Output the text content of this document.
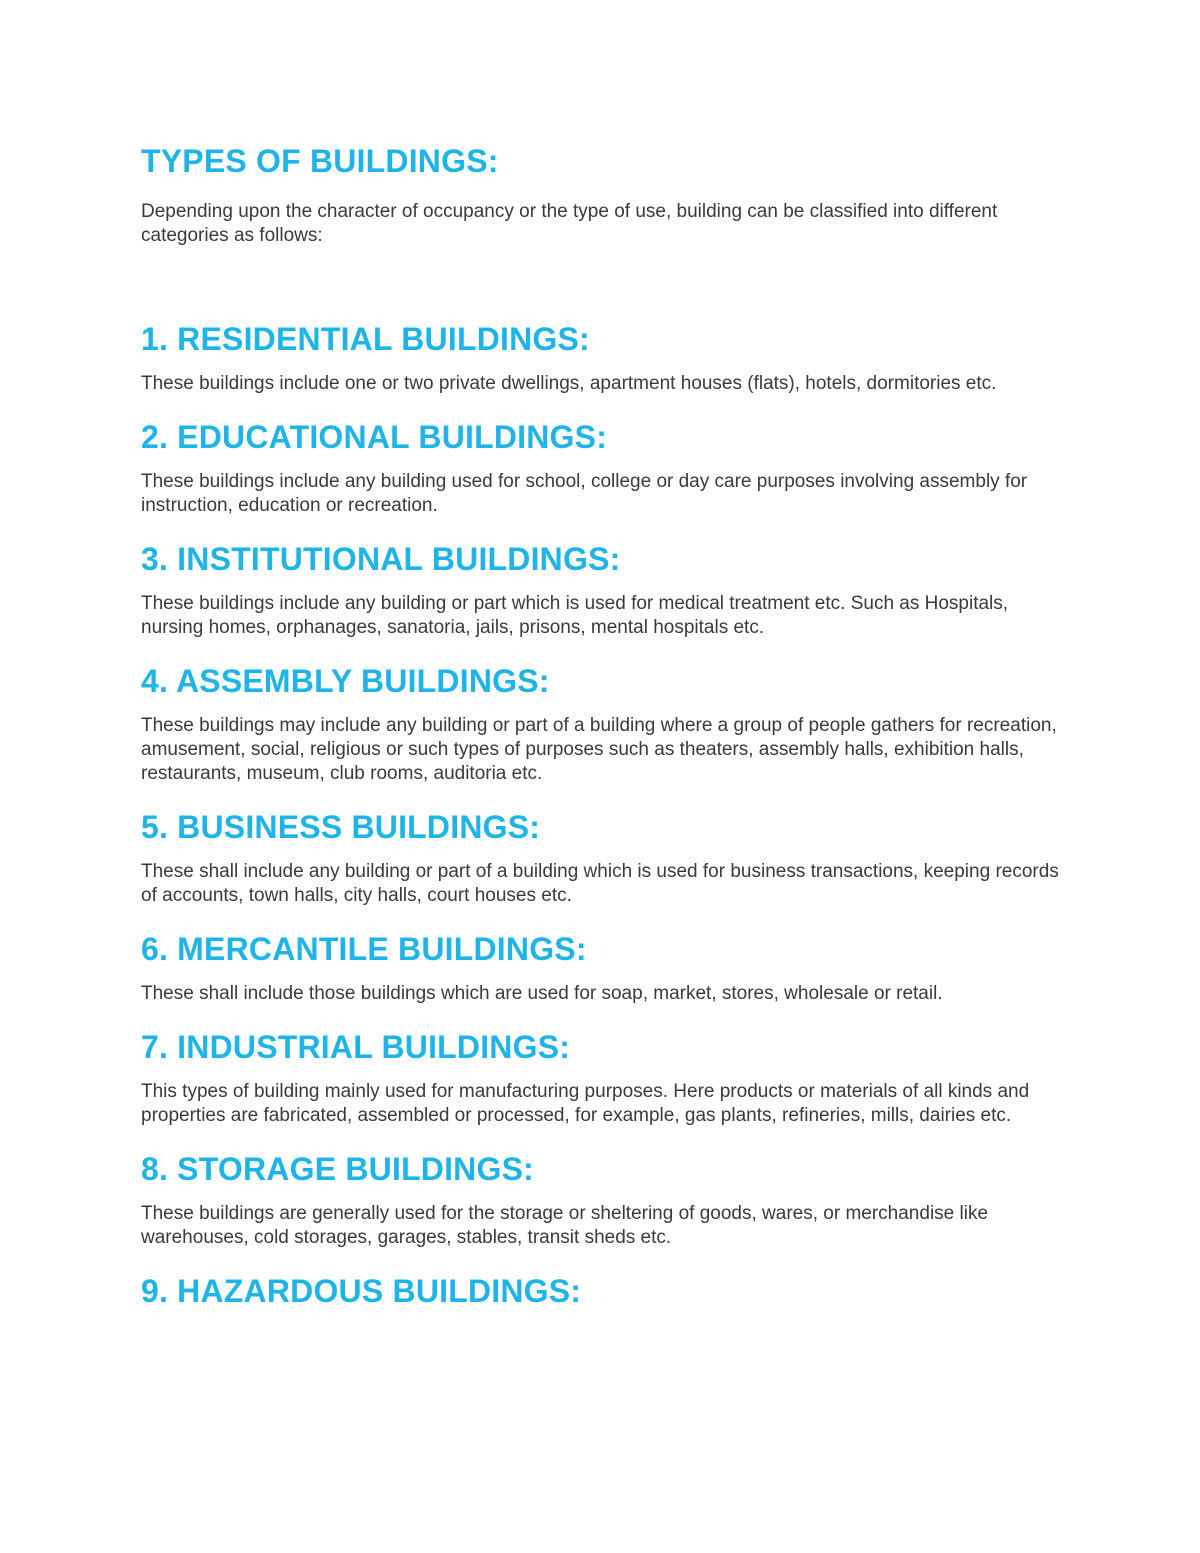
TYPES OF BUILDINGS:

Depending upon the character of occupancy or the type of use, building can be classified into different categories as follows:

1. RESIDENTIAL BUILDINGS:

These buildings include one or two private dwellings, apartment houses (flats), hotels, dormitories etc.

2. EDUCATIONAL BUILDINGS:

These buildings include any building used for school, college or day care purposes involving assembly for instruction, education or recreation.

3. INSTITUTIONAL BUILDINGS:

These buildings include any building or part which is used for medical treatment etc. Such as Hospitals, nursing homes, orphanages, sanatoria, jails, prisons, mental hospitals etc.

4. ASSEMBLY BUILDINGS:

These buildings may include any building or part of a building where a group of people gathers for recreation, amusement, social, religious or such types of purposes such as theaters, assembly halls, exhibition halls, restaurants, museum, club rooms, auditoria etc.

5. BUSINESS BUILDINGS:

These shall include any building or part of a building which is used for business transactions, keeping records of accounts, town halls, city halls, court houses etc.

6. MERCANTILE BUILDINGS:

These shall include those buildings which are used for soap, market, stores, wholesale or retail.

7. INDUSTRIAL BUILDINGS:

This types of building mainly used for manufacturing purposes. Here products or materials of all kinds and properties are fabricated, assembled or processed, for example, gas plants, refineries, mills, dairies etc.

8. STORAGE BUILDINGS:

These buildings are generally used for the storage or sheltering of goods, wares, or merchandise like warehouses, cold storages, garages, stables, transit sheds etc.

9. HAZARDOUS BUILDINGS:
